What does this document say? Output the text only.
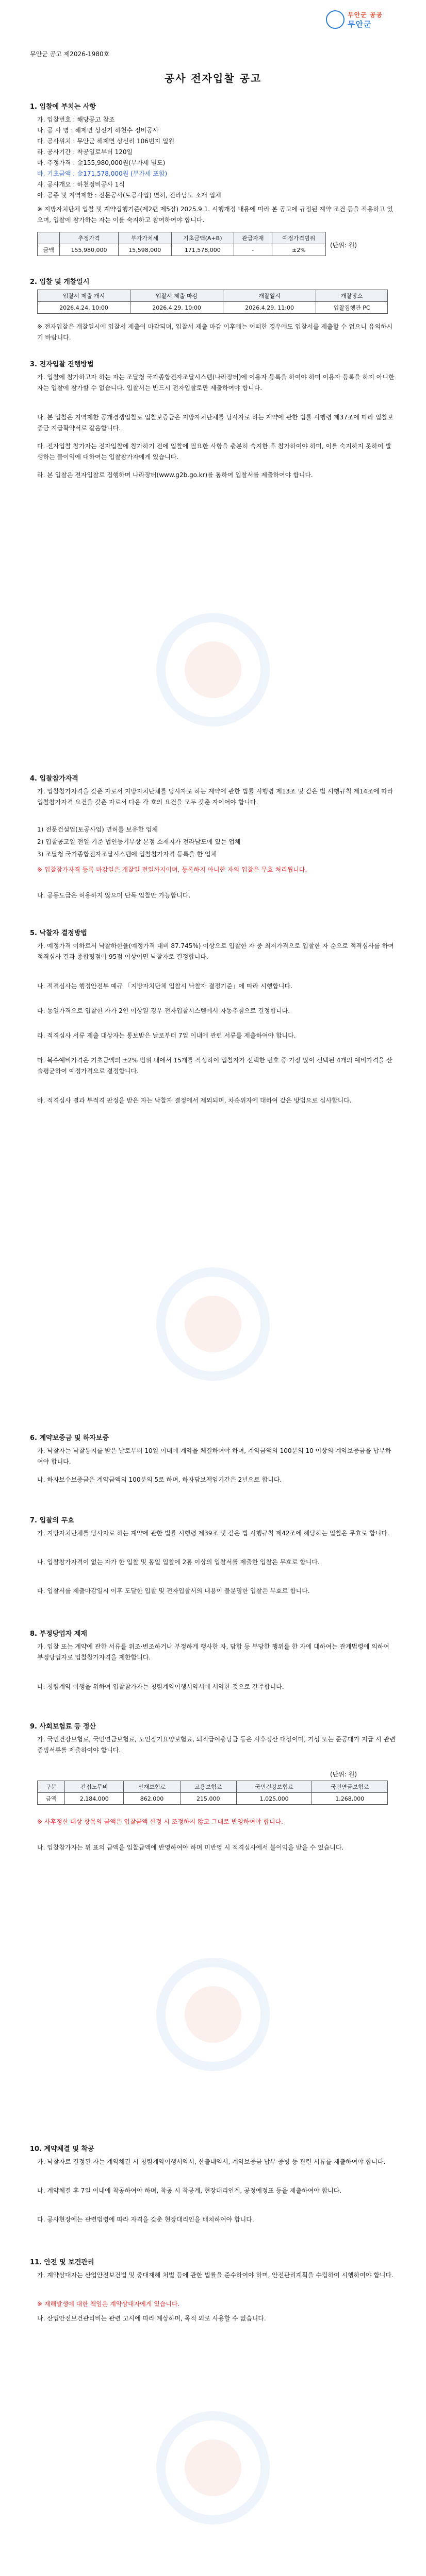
무안군 공공
무안군
무안군 공고 제2026-1980호
공사 전자입찰 공고
1. 입찰에 부치는 사항
가. 입찰번호 : 해당공고 참조
나. 공 사 명 : 해제면 상신기 하천수 정비공사
다. 공사위치 : 무안군 해제면 상신리 106번지 일원
라. 공사기간 : 착공일로부터 120일
마. 추정가격 : 金155,980,000원(부가세 별도)
바. 기초금액 : 金171,578,000원 (부가세 포함)
사. 공사개요 : 하천정비공사 1식
아. 공종 및 지역제한 : 전문공사(토공사업) 면허, 전라남도 소재 업체
※ 지방자치단체 입찰 및 계약집행기준(제2편 제5장) 2025.9.1. 시행개정 내용에 따라 본 공고에 규정된 계약 조건 등을 적용하고 있으며, 입찰에 참가하는 자는 이를 숙지하고 참여하여야 합니다.
	추정가격	부가가치세	기초금액(A+B)	관급자재	예정가격범위
금액	155,980,000	15,598,000	171,578,000	-	±2%
(단위: 원)
2. 입찰 및 개찰일시
입찰서 제출 개시	입찰서 제출 마감	개찰일시	개찰장소
2026.4.24. 10:00	2026.4.29. 10:00	2026.4.29. 11:00	입찰집행관 PC
※ 전자입찰은 개찰일시에 입찰서 제출이 마감되며, 입찰서 제출 마감 이후에는 어떠한 경우에도 입찰서를 제출할 수 없으니 유의하시기 바랍니다.
3. 전자입찰 진행방법
가. 입찰에 참가하고자 하는 자는 조달청 국가종합전자조달시스템(나라장터)에 이용자 등록을 하여야 하며 이용자 등록을 하지 아니한 자는 입찰에 참가할 수 없습니다. 입찰서는 반드시 전자입찰로만 제출하여야 합니다.
나. 본 입찰은 지역제한 공개경쟁입찰로 입찰보증금은 지방자치단체를 당사자로 하는 계약에 관한 법률 시행령 제37조에 따라 입찰보증금 지급확약서로 갈음합니다.
다. 전자입찰 참가자는 전자입찰에 참가하기 전에 입찰에 필요한 사항을 충분히 숙지한 후 참가하여야 하며, 이를 숙지하지 못하여 발생하는 불이익에 대하여는 입찰참가자에게 있습니다.
라. 본 입찰은 전자입찰로 집행하며 나라장터(www.g2b.go.kr)를 통하여 입찰서를 제출하여야 합니다.
4. 입찰참가자격
가. 입찰참가자격을 갖춘 자로서 지방자치단체를 당사자로 하는 계약에 관한 법률 시행령 제13조 및 같은 법 시행규칙 제14조에 따라 입찰참가자격 요건을 갖춘 자로서 다음 각 호의 요건을 모두 갖춘 자이어야 합니다.
1) 전문건설업(토공사업) 면허를 보유한 업체
2) 입찰공고일 전일 기준 법인등기부상 본점 소재지가 전라남도에 있는 업체
3) 조달청 국가종합전자조달시스템에 입찰참가자격 등록을 한 업체
※ 입찰참가자격 등록 마감일은 개찰일 전일까지이며, 등록하지 아니한 자의 입찰은 무효 처리됩니다.
나. 공동도급은 허용하지 않으며 단독 입찰만 가능합니다.
5. 낙찰자 결정방법
가. 예정가격 이하로서 낙찰하한율(예정가격 대비 87.745%) 이상으로 입찰한 자 중 최저가격으로 입찰한 자 순으로 적격심사를 하여 적격심사 결과 종합평점이 95점 이상이면 낙찰자로 결정합니다.
나. 적격심사는 행정안전부 예규 「지방자치단체 입찰시 낙찰자 결정기준」에 따라 시행합니다.
다. 동일가격으로 입찰한 자가 2인 이상일 경우 전자입찰시스템에서 자동추첨으로 결정합니다.
라. 적격심사 서류 제출 대상자는 통보받은 날로부터 7일 이내에 관련 서류를 제출하여야 합니다.
마. 복수예비가격은 기초금액의 ±2% 범위 내에서 15개를 작성하여 입찰자가 선택한 번호 중 가장 많이 선택된 4개의 예비가격을 산술평균하여 예정가격으로 결정합니다.
바. 적격심사 결과 부적격 판정을 받은 자는 낙찰자 결정에서 제외되며, 차순위자에 대하여 같은 방법으로 심사합니다.
6. 계약보증금 및 하자보증
가. 낙찰자는 낙찰통지를 받은 날로부터 10일 이내에 계약을 체결하여야 하며, 계약금액의 100분의 10 이상의 계약보증금을 납부하여야 합니다.
나. 하자보수보증금은 계약금액의 100분의 5로 하며, 하자담보책임기간은 2년으로 합니다.
7. 입찰의 무효
가. 지방자치단체를 당사자로 하는 계약에 관한 법률 시행령 제39조 및 같은 법 시행규칙 제42조에 해당하는 입찰은 무효로 합니다.
나. 입찰참가자격이 없는 자가 한 입찰 및 동일 입찰에 2통 이상의 입찰서를 제출한 입찰은 무효로 합니다.
다. 입찰서를 제출마감일시 이후 도달한 입찰 및 전자입찰서의 내용이 불분명한 입찰은 무효로 합니다.
8. 부정당업자 제재
가. 입찰 또는 계약에 관한 서류를 위조·변조하거나 부정하게 행사한 자, 담합 등 부당한 행위를 한 자에 대하여는 관계법령에 의하여 부정당업자로 입찰참가자격을 제한합니다.
나. 청렴계약 이행을 위하여 입찰참가자는 청렴계약이행서약서에 서약한 것으로 간주합니다.
9. 사회보험료 등 정산
가. 국민건강보험료, 국민연금보험료, 노인장기요양보험료, 퇴직급여충당금 등은 사후정산 대상이며, 기성 또는 준공대가 지급 시 관련 증빙서류를 제출하여야 합니다.
(단위: 원)
구분	간접노무비	산재보험료	고용보험료	국민건강보험료	국민연금보험료
금액	2,184,000	862,000	215,000	1,025,000	1,268,000
※ 사후정산 대상 항목의 금액은 입찰금액 산정 시 조정하지 않고 그대로 반영하여야 합니다.
나. 입찰참가자는 위 표의 금액을 입찰금액에 반영하여야 하며 미반영 시 적격심사에서 불이익을 받을 수 있습니다.
10. 계약체결 및 착공
가. 낙찰자로 결정된 자는 계약체결 시 청렴계약이행서약서, 산출내역서, 계약보증금 납부 증빙 등 관련 서류를 제출하여야 합니다.
나. 계약체결 후 7일 이내에 착공하여야 하며, 착공 시 착공계, 현장대리인계, 공정예정표 등을 제출하여야 합니다.
다. 공사현장에는 관련법령에 따라 자격을 갖춘 현장대리인을 배치하여야 합니다.
11. 안전 및 보건관리
가. 계약상대자는 산업안전보건법 및 중대재해 처벌 등에 관한 법률을 준수하여야 하며, 안전관리계획을 수립하여 시행하여야 합니다.
※ 재해발생에 대한 책임은 계약상대자에게 있습니다.
나. 산업안전보건관리비는 관련 고시에 따라 계상하며, 목적 외로 사용할 수 없습니다.
